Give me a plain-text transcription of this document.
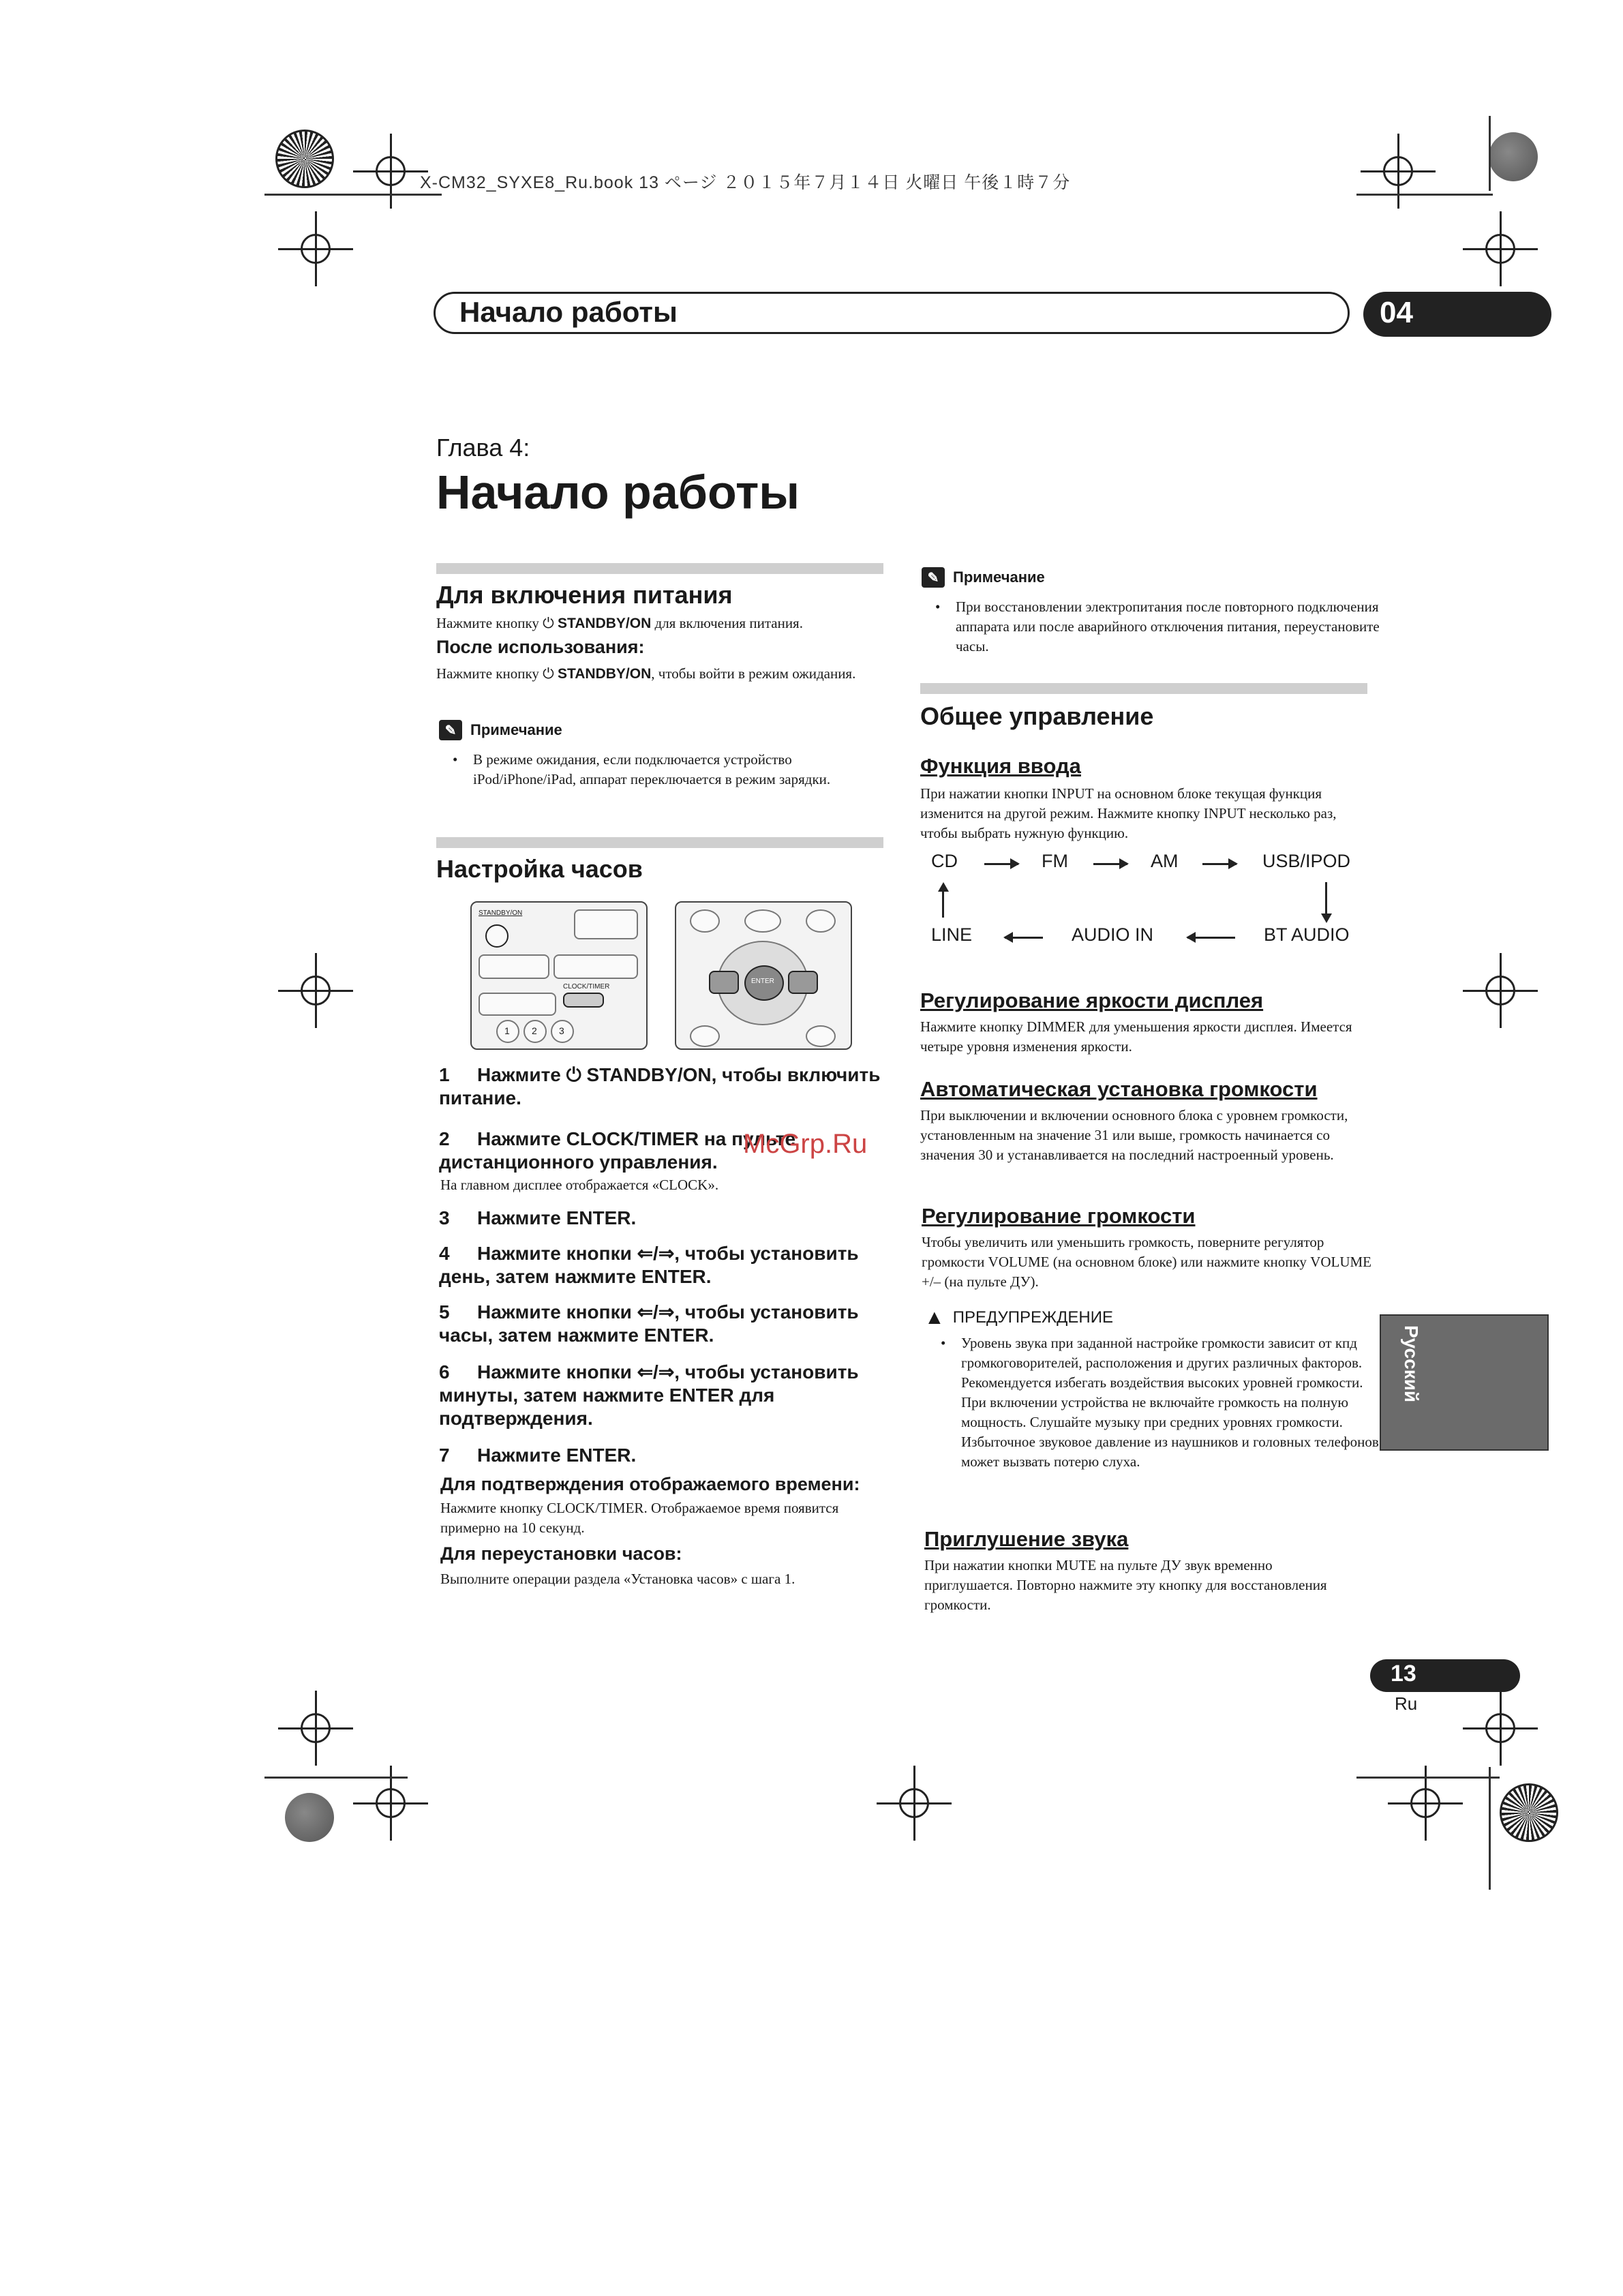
X-CM32_SYXE8_Ru.book 13 ページ ２０１５年７月１４日 火曜日 午後１時７分
Начало работы	04
Глава 4:
Начало работы
Для включения питания
Нажмите кнопку ⏻ STANDBY/ON для включения питания.
После использования:
Нажмите кнопку ⏻ STANDBY/ON, чтобы войти в режим ожидания.
✎ Примечание
• В режиме ожидания, если подключается устройство iPod/iPhone/iPad, аппарат переключается в режим зарядки.
Настройка часов
STANDBY/ON
CLOCK/TIMER
1 2 3
ENTER
1 Нажмите ⏻ STANDBY/ON, чтобы включить питание.
2 Нажмите CLOCK/TIMER на пульте дистанционного управления.
На главном дисплее отображается «CLOCK».
3 Нажмите ENTER.
4 Нажмите кнопки ⇐/⇒, чтобы установить день, затем нажмите ENTER.
5 Нажмите кнопки ⇐/⇒, чтобы установить часы, затем нажмите ENTER.
6 Нажмите кнопки ⇐/⇒, чтобы установить минуты, затем нажмите ENTER для подтверждения.
7 Нажмите ENTER.
Для подтверждения отображаемого времени:
Нажмите кнопку CLOCK/TIMER. Отображаемое время появится примерно на 10 секунд.
Для переустановки часов:
Выполните операции раздела «Установка часов» с шага 1.
✎ Примечание
• При восстановлении электропитания после повторного подключения аппарата или после аварийного отключения питания, переустановите часы.
Общее управление
Функция ввода
При нажатии кнопки INPUT на основном блоке текущая функция изменится на другой режим. Нажмите кнопку INPUT несколько раз, чтобы выбрать нужную функцию.
CD	FM	AM	USB/IPOD
LINE	AUDIO IN	BT AUDIO
Регулирование яркости дисплея
Нажмите кнопку DIMMER для уменьшения яркости дисплея. Имеется четыре уровня изменения яркости.
Автоматическая установка громкости
При выключении и включении основного блока с уровнем громкости, установленным на значение 31 или выше, громкость начинается со значения 30 и устанавливается на последний настроенный уровень.
Регулирование громкости
Чтобы увеличить или уменьшить громкость, поверните регулятор громкости VOLUME (на основном блоке) или нажмите кнопку VOLUME +/– (на пульте ДУ).
▲ ПРЕДУПРЕЖДЕНИЕ
• Уровень звука при заданной настройке громкости зависит от кпд громкоговорителей, расположения и других различных факторов. Рекомендуется избегать воздействия высоких уровней громкости. При включении устройства не включайте громкость на полную мощность. Слушайте музыку при средних уровнях громкости. Избыточное звуковое давление из наушников и головных телефонов может вызвать потерю слуха.
Приглушение звука
При нажатии кнопки MUTE на пульте ДУ звук временно приглушается. Повторно нажмите эту кнопку для восстановления громкости.
Русский
13
Ru
McGrp.Ru
